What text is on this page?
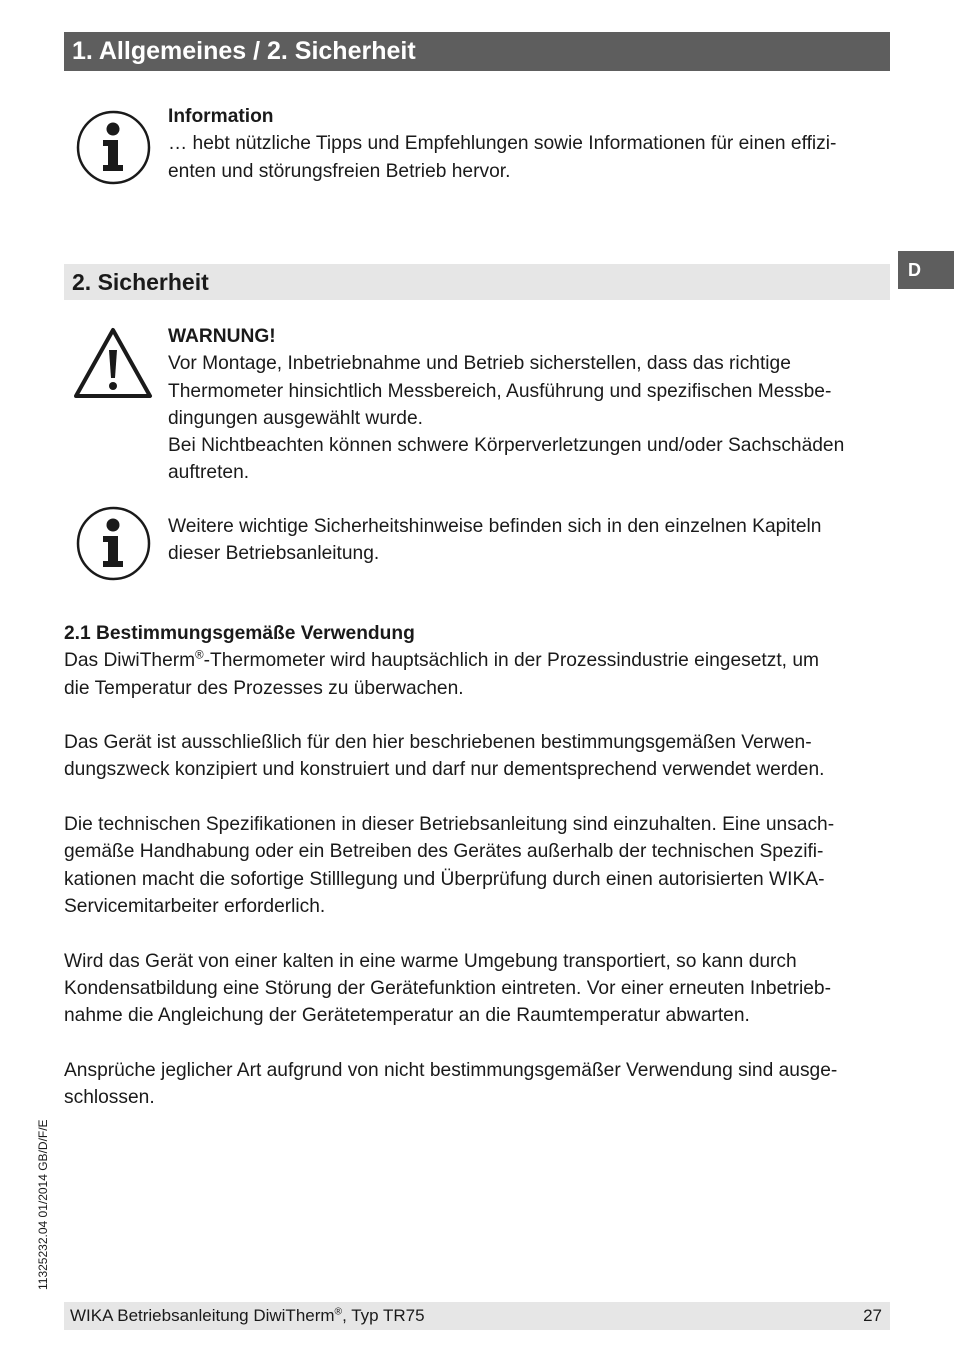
1. Allgemeines / 2. Sicherheit
D
Information
… hebt nützliche Tipps und Empfehlungen sowie Informationen für einen effizi-
enten und störungsfreien Betrieb hervor.
2. Sicherheit
WARNUNG!
Vor Montage, Inbetriebnahme und Betrieb sicherstellen, dass das richtige
Thermometer hinsichtlich Messbereich, Ausführung und spezifischen Messbe-
dingungen ausgewählt wurde.
Bei Nichtbeachten können schwere Körperverletzungen und/oder Sachschäden
auftreten.
Weitere wichtige Sicherheitshinweise befinden sich in den einzelnen Kapiteln
dieser Betriebsanleitung.
2.1 Bestimmungsgemäße Verwendung
Das DiwiTherm®-Thermometer wird hauptsächlich in der Prozessindustrie eingesetzt, um
die Temperatur des Prozesses zu überwachen.
Das Gerät ist ausschließlich für den hier beschriebenen bestimmungsgemäßen Verwen-
dungszweck konzipiert und konstruiert und darf nur dementsprechend verwendet werden.
Die technischen Spezifikationen in dieser Betriebsanleitung sind einzuhalten. Eine unsach-
gemäße Handhabung oder ein Betreiben des Gerätes außerhalb der technischen Spezifi-
kationen macht die sofortige Stilllegung und Überprüfung durch einen autorisierten WIKA-
Servicemitarbeiter erforderlich.
Wird das Gerät von einer kalten in eine warme Umgebung transportiert, so kann durch
Kondensatbildung eine Störung der Gerätefunktion eintreten. Vor einer erneuten Inbetrieb-
nahme die Angleichung der Gerätetemperatur an die Raumtemperatur abwarten.
Ansprüche jeglicher Art aufgrund von nicht bestimmungsgemäßer Verwendung sind ausge-
schlossen.
11325232.04 01/2014 GB/D/F/E
WIKA Betriebsanleitung DiwiTherm®, Typ TR75	27
